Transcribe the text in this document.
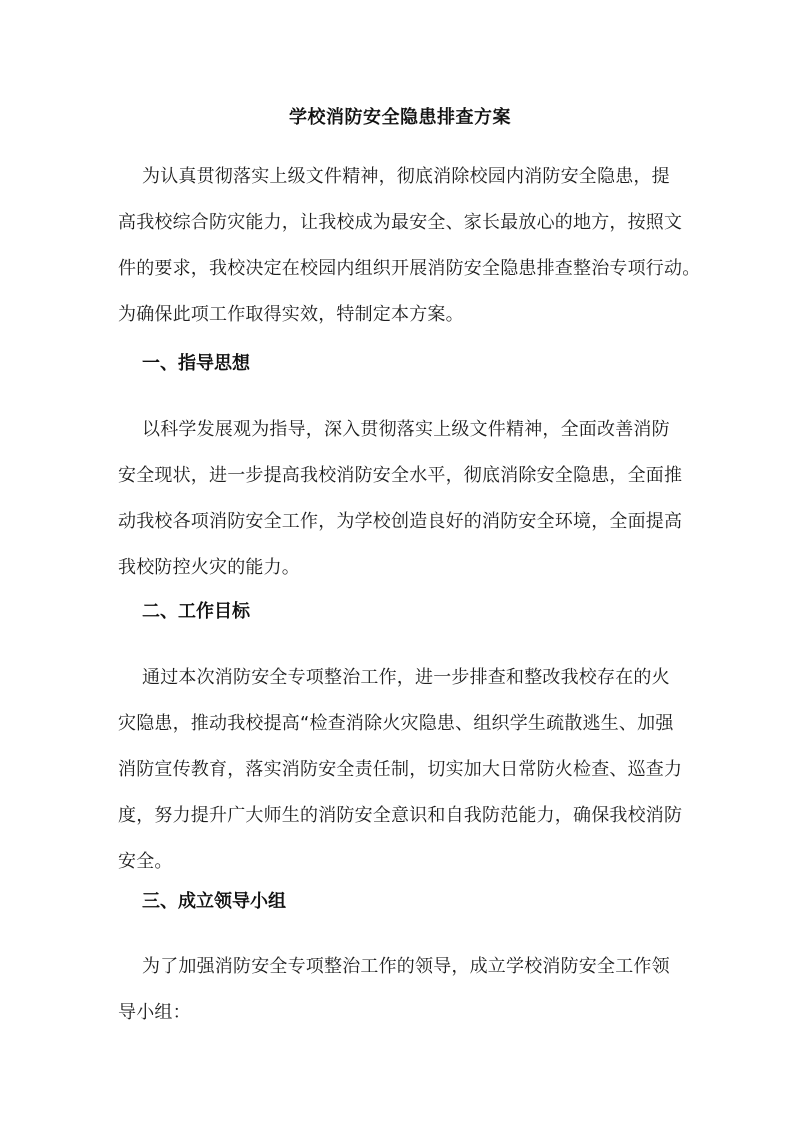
学校消防安全隐患排查方案
为认真贯彻落实上级文件精神，彻底消除校园内消防安全隐患，提
高我校综合防灾能力，让我校成为最安全、家长最放心的地方，按照文
件的要求，我校决定在校园内组织开展消防安全隐患排查整治专项行动。
为确保此项工作取得实效，特制定本方案。
一、指导思想
以科学发展观为指导，深入贯彻落实上级文件精神，全面改善消防
安全现状，进一步提高我校消防安全水平，彻底消除安全隐患，全面推
动我校各项消防安全工作，为学校创造良好的消防安全环境，全面提高
我校防控火灾的能力。
二、工作目标
通过本次消防安全专项整治工作，进一步排查和整改我校存在的火
灾隐患，推动我校提高“检查消除火灾隐患、组织学生疏散逃生、加强
消防宣传教育，落实消防安全责任制，切实加大日常防火检查、巡查力
度，努力提升广大师生的消防安全意识和自我防范能力，确保我校消防
安全。
三、成立领导小组
为了加强消防安全专项整治工作的领导，成立学校消防安全工作领
导小组：
